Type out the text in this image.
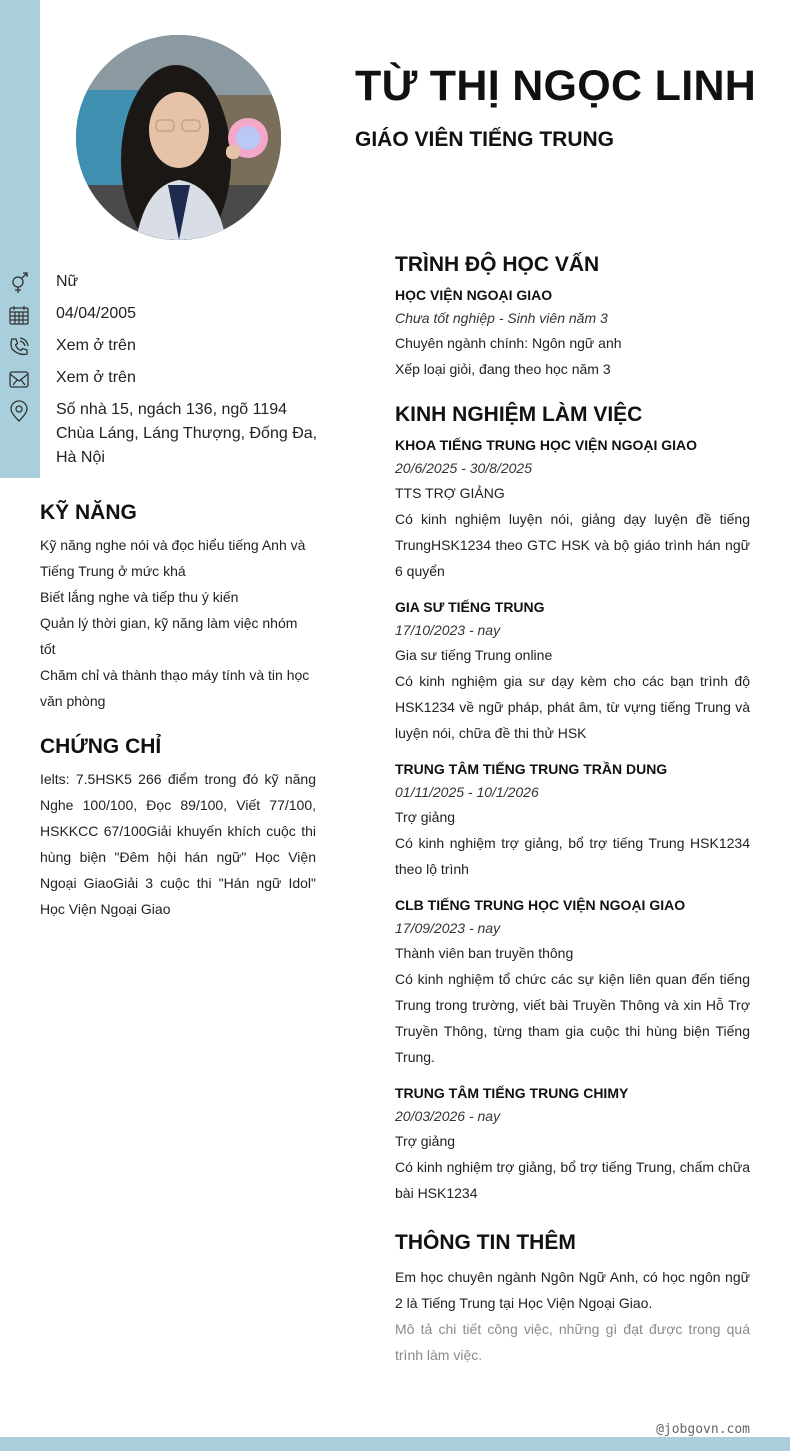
TỪ THỊ NGỌC LINH
GIÁO VIÊN TIẾNG TRUNG
Nữ
04/04/2005
Xem ở trên
Xem ở trên
Số nhà 15, ngách 136, ngõ 1194
Chùa Láng, Láng Thượng, Đống Đa,
Hà Nội
KỸ NĂNG
Kỹ năng nghe nói và đọc hiểu tiếng Anh và
Tiếng Trung ở mức khá
Biết lắng nghe và tiếp thu ý kiến
Quản lý thời gian, kỹ năng làm việc nhóm tốt
Chăm chỉ và thành thạo máy tính và tin học
văn phòng
CHỨNG CHỈ
Ielts: 7.5HSK5 266 điểm trong đó kỹ năng Nghe 100/100, Đọc 89/100, Viết 77/100, HSKKCC 67/100Giải khuyến khích cuộc thi hùng biện "Đêm hội hán ngữ" Học Viện Ngoại GiaoGiải 3 cuộc thi "Hán ngữ Idol" Học Viện Ngoại Giao
TRÌNH ĐỘ HỌC VẤN
HỌC VIỆN NGOẠI GIAO
Chưa tốt nghiệp - Sinh viên năm 3
Chuyên ngành chính: Ngôn ngữ anh
Xếp loại giỏi, đang theo học năm 3
KINH NGHIỆM LÀM VIỆC
KHOA TIẾNG TRUNG HỌC VIỆN NGOẠI GIAO
20/6/2025 - 30/8/2025
TTS TRỢ GIẢNG
Có kinh nghiệm luyện nói, giảng dạy luyện đề tiếng TrungHSK1234 theo GTC HSK và bộ giáo trình hán ngữ 6 quyển
GIA SƯ TIẾNG TRUNG
17/10/2023 - nay
Gia sư tiếng Trung online
Có kinh nghiệm gia sư dạy kèm cho các bạn trình độ HSK1234 về ngữ pháp, phát âm, từ vựng tiếng Trung và luyện nói, chữa đề thi thử HSK
TRUNG TÂM TIẾNG TRUNG TRẦN DUNG
01/11/2025 - 10/1/2026
Trợ giảng
Có kinh nghiệm trợ giảng, bổ trợ tiếng Trung HSK1234 theo lộ trình
CLB TIẾNG TRUNG HỌC VIỆN NGOẠI GIAO
17/09/2023 - nay
Thành viên ban truyền thông
Có kinh nghiệm tổ chức các sự kiện liên quan đến tiếng Trung trong trường, viết bài Truyền Thông và xin Hỗ Trợ Truyền Thông, từng tham gia cuộc thi hùng biện Tiếng Trung.
TRUNG TÂM TIẾNG TRUNG CHIMY
20/03/2026 - nay
Trợ giảng
Có kinh nghiệm trợ giảng, bổ trợ tiếng Trung, chấm chữa bài HSK1234
THÔNG TIN THÊM
Em học chuyên ngành Ngôn Ngữ Anh, có học ngôn ngữ 2 là Tiếng Trung tại Học Viện Ngoại Giao.
Mô tả chi tiết công việc, những gì đạt được trong quá trình làm việc.
@jobgovn.com
